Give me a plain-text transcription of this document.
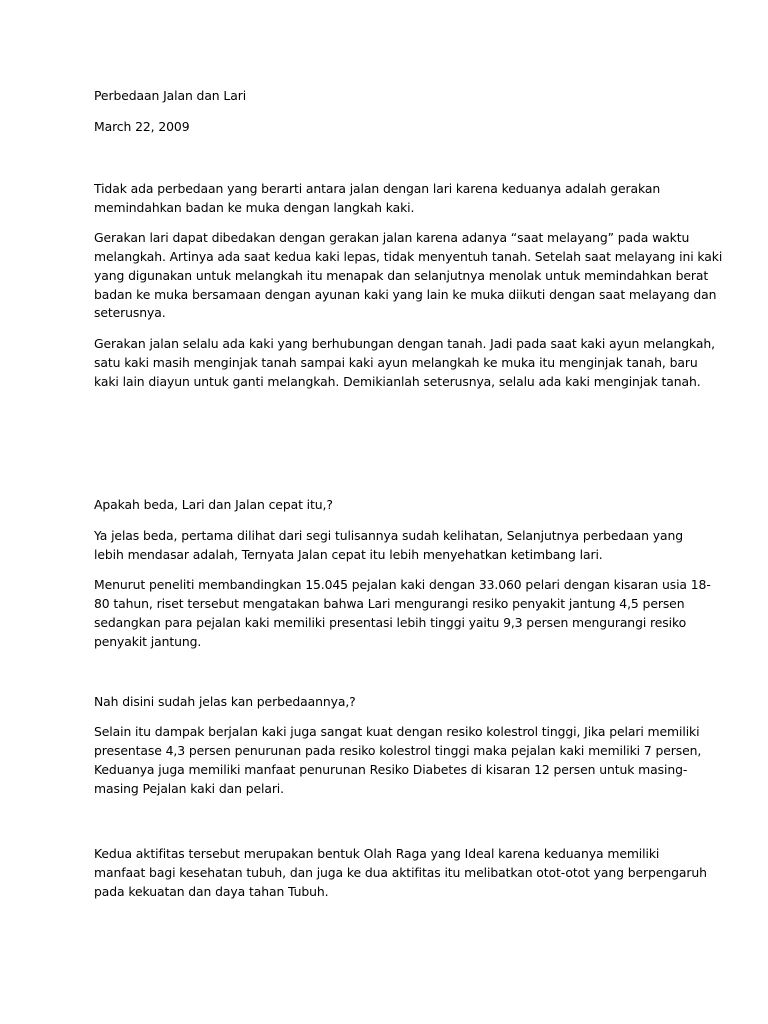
Perbedaan Jalan dan Lari

March 22, 2009

Tidak ada perbedaan yang berarti antara jalan dengan lari karena keduanya adalah gerakan

memindahkan badan ke muka dengan langkah kaki.

Gerakan lari dapat dibedakan dengan gerakan jalan karena adanya “saat melayang” pada waktu

melangkah. Artinya ada saat kedua kaki lepas, tidak menyentuh tanah. Setelah saat melayang ini kaki

yang digunakan untuk melangkah itu menapak dan selanjutnya menolak untuk memindahkan berat

badan ke muka bersamaan dengan ayunan kaki yang lain ke muka diikuti dengan saat melayang dan

seterusnya.

Gerakan jalan selalu ada kaki yang berhubungan dengan tanah. Jadi pada saat kaki ayun melangkah,

satu kaki masih menginjak tanah sampai kaki ayun melangkah ke muka itu menginjak tanah, baru

kaki lain diayun untuk ganti melangkah. Demikianlah seterusnya, selalu ada kaki menginjak tanah.

Apakah beda, Lari dan Jalan cepat itu,?

Ya jelas beda, pertama dilihat dari segi tulisannya sudah kelihatan, Selanjutnya perbedaan yang

lebih mendasar adalah, Ternyata Jalan cepat itu lebih menyehatkan ketimbang lari.

Menurut peneliti membandingkan 15.045 pejalan kaki dengan 33.060 pelari dengan kisaran usia 18-

80 tahun, riset tersebut mengatakan bahwa Lari mengurangi resiko penyakit jantung 4,5 persen

sedangkan para pejalan kaki memiliki presentasi lebih tinggi yaitu 9,3 persen mengurangi resiko

penyakit jantung.

Nah disini sudah jelas kan perbedaannya,?

Selain itu dampak berjalan kaki juga sangat kuat dengan resiko kolestrol tinggi, Jika pelari memiliki

presentase 4,3 persen penurunan pada resiko kolestrol tinggi maka pejalan kaki memiliki 7 persen,

Keduanya juga memiliki manfaat penurunan Resiko Diabetes di kisaran 12 persen untuk masing-

masing Pejalan kaki dan pelari.

Kedua aktifitas tersebut merupakan bentuk Olah Raga yang Ideal karena keduanya memiliki

manfaat bagi kesehatan tubuh, dan juga ke dua aktifitas itu melibatkan otot-otot yang berpengaruh

pada kekuatan dan daya tahan Tubuh.
